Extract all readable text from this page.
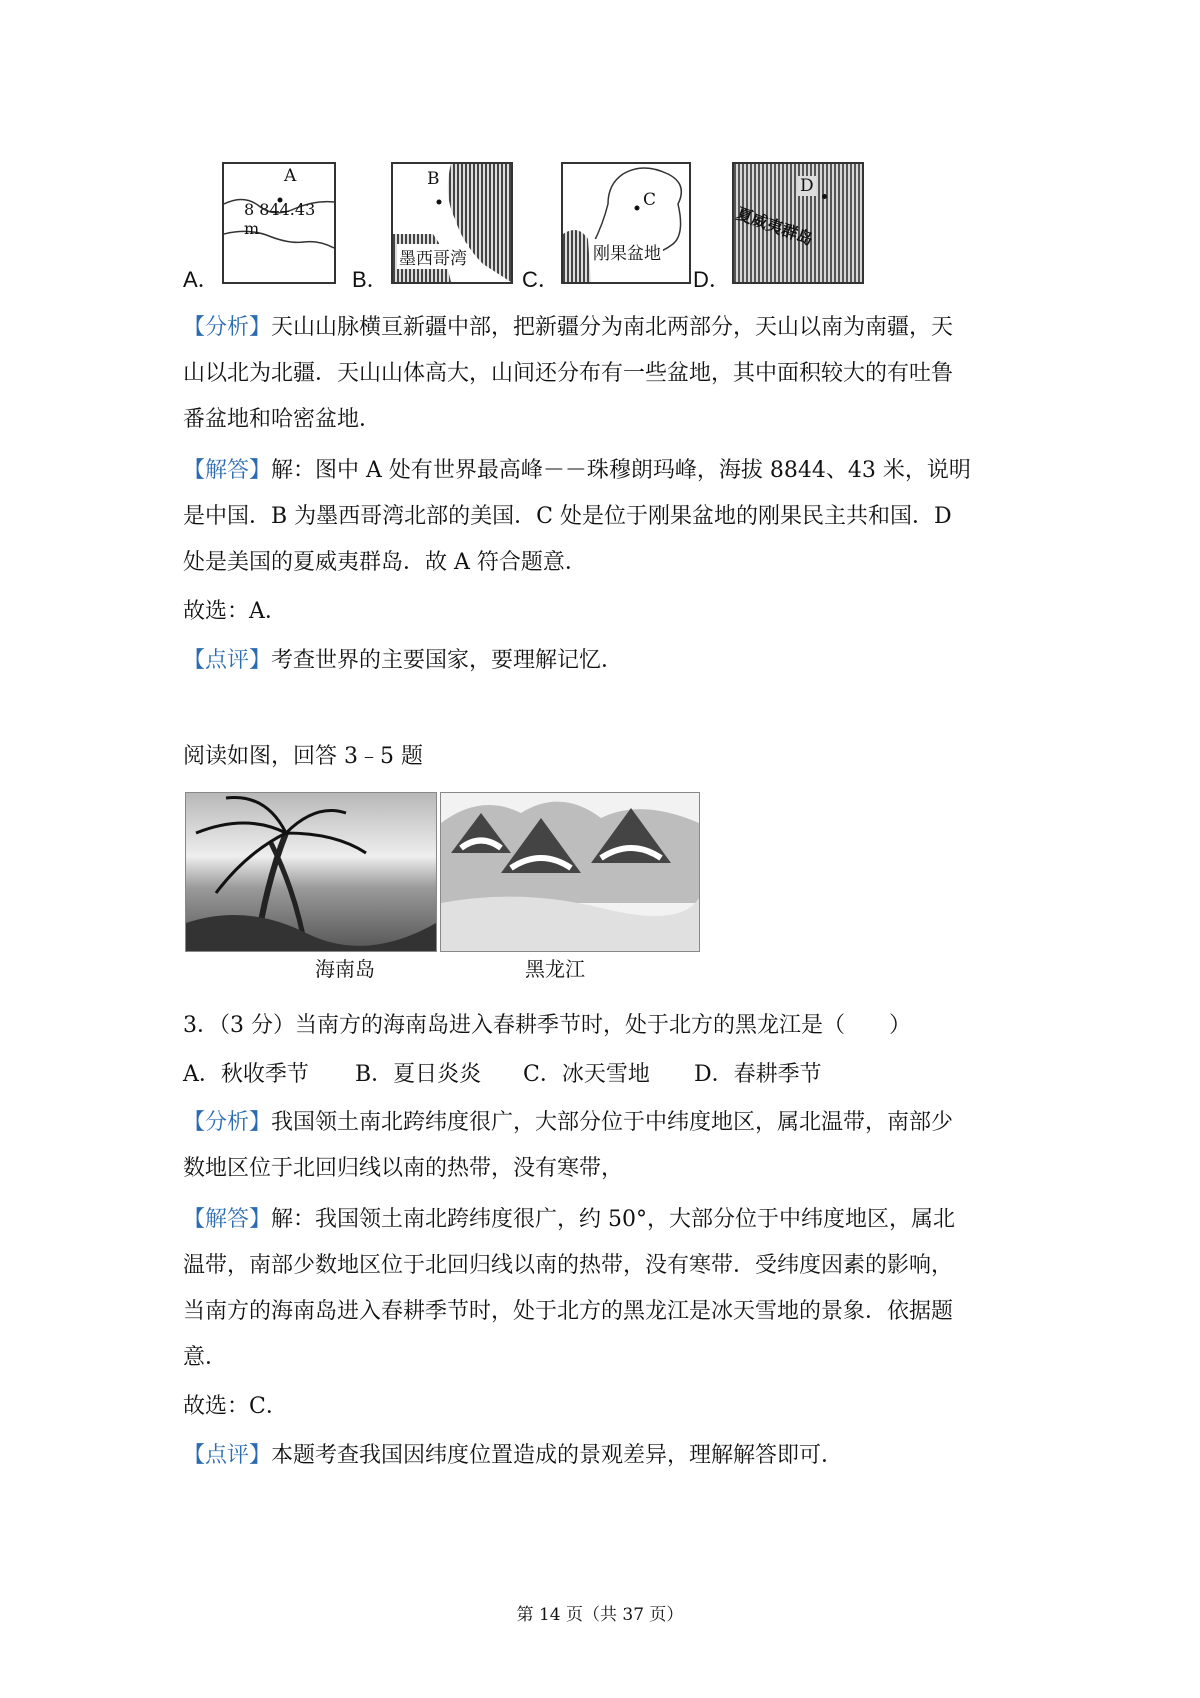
A．
A
8 844.43 m
B．
B
墨西哥湾
C．
C
刚果盆地
D．
D
夏威夷群岛
【分析】天山山脉横亘新疆中部，把新疆分为南北两部分，天山以南为南疆，天
山以北为北疆．天山山体高大，山间还分布有一些盆地，其中面积较大的有吐鲁
番盆地和哈密盆地．
【解答】解：图中 A 处有世界最高峰－－珠穆朗玛峰，海拔 8844、43 米，说明
是中国．B 为墨西哥湾北部的美国．C 处是位于刚果盆地的刚果民主共和国．D
处是美国的夏威夷群岛．故 A 符合题意．
故选：A．
【点评】考查世界的主要国家，要理解记忆．
阅读如图，回答 3﹣5 题
海南岛	黑龙江
3．（3 分）当南方的海南岛进入春耕季节时，处于北方的黑龙江是（　　）
A．秋收季节 B．夏日炎炎 C．冰天雪地 D．春耕季节
【分析】我国领土南北跨纬度很广，大部分位于中纬度地区，属北温带，南部少
数地区位于北回归线以南的热带，没有寒带，
【解答】解：我国领土南北跨纬度很广，约 50°，大部分位于中纬度地区，属北
温带，南部少数地区位于北回归线以南的热带，没有寒带．受纬度因素的影响，
当南方的海南岛进入春耕季节时，处于北方的黑龙江是冰天雪地的景象．依据题
意．
故选：C．
【点评】本题考查我国因纬度位置造成的景观差异，理解解答即可．
第 14 页（共 37 页）
